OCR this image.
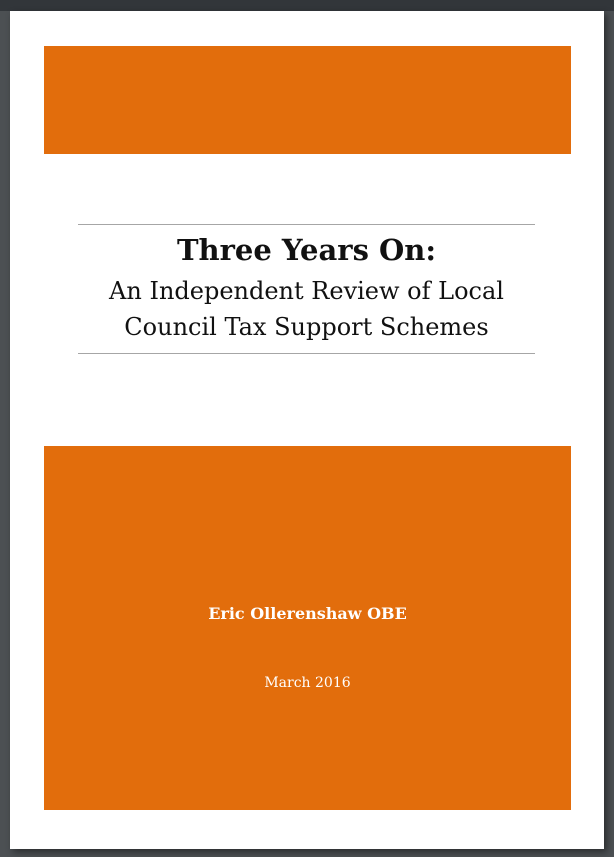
Three Years On:

An Independent Review of Local

Council Tax Support Schemes

Eric Ollerenshaw OBE
March 2016
